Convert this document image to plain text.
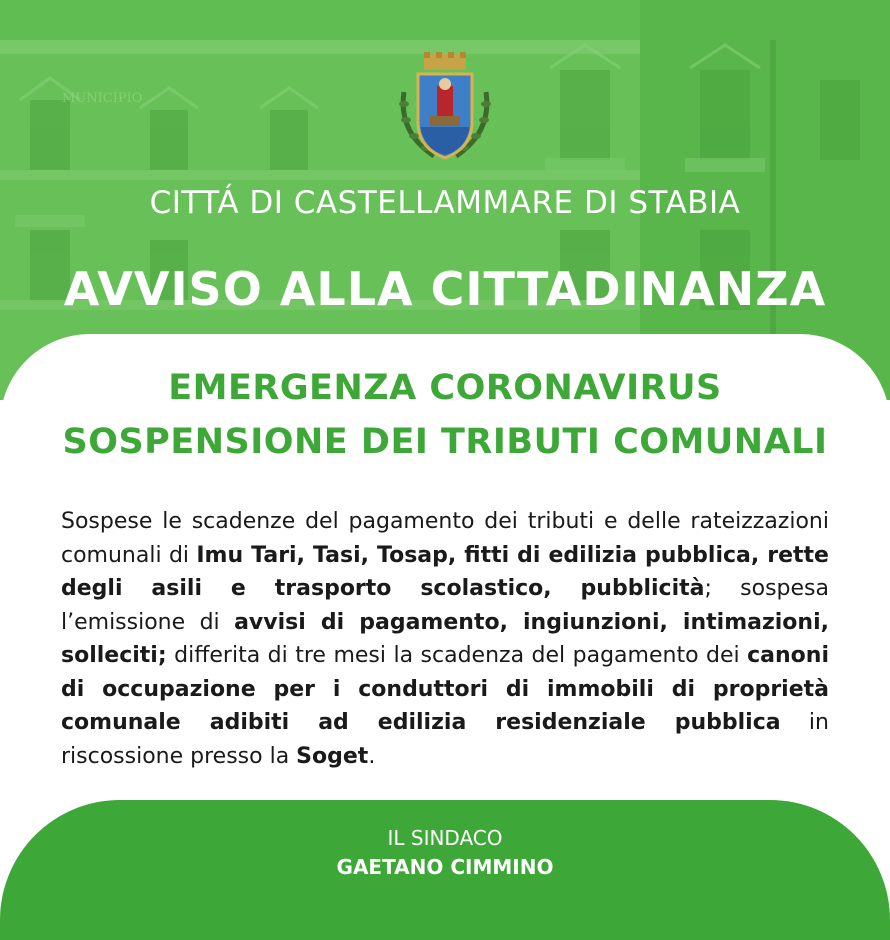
MUNICIPIO
CITTÁ DI CASTELLAMMARE DI STABIA
AVVISO ALLA CITTADINANZA
EMERGENZA CORONAVIRUS
SOSPENSIONE DEI TRIBUTI COMUNALI
Sospese le scadenze del pagamento dei tributi e delle rateizzazioni comunali di Imu Tari, Tasi, Tosap, fitti di edilizia pubblica, rette degli asili e trasporto scolastico, pubblicità; sospesa l’emissione di avvisi di pagamento, ingiunzioni, intimazioni, solleciti; differita di tre mesi la scadenza del pagamento dei canoni di occupazione per i conduttori di immobili di proprietà comunale adibiti ad edilizia residenziale pubblica in riscossione presso la Soget.
IL SINDACO
GAETANO CIMMINO
